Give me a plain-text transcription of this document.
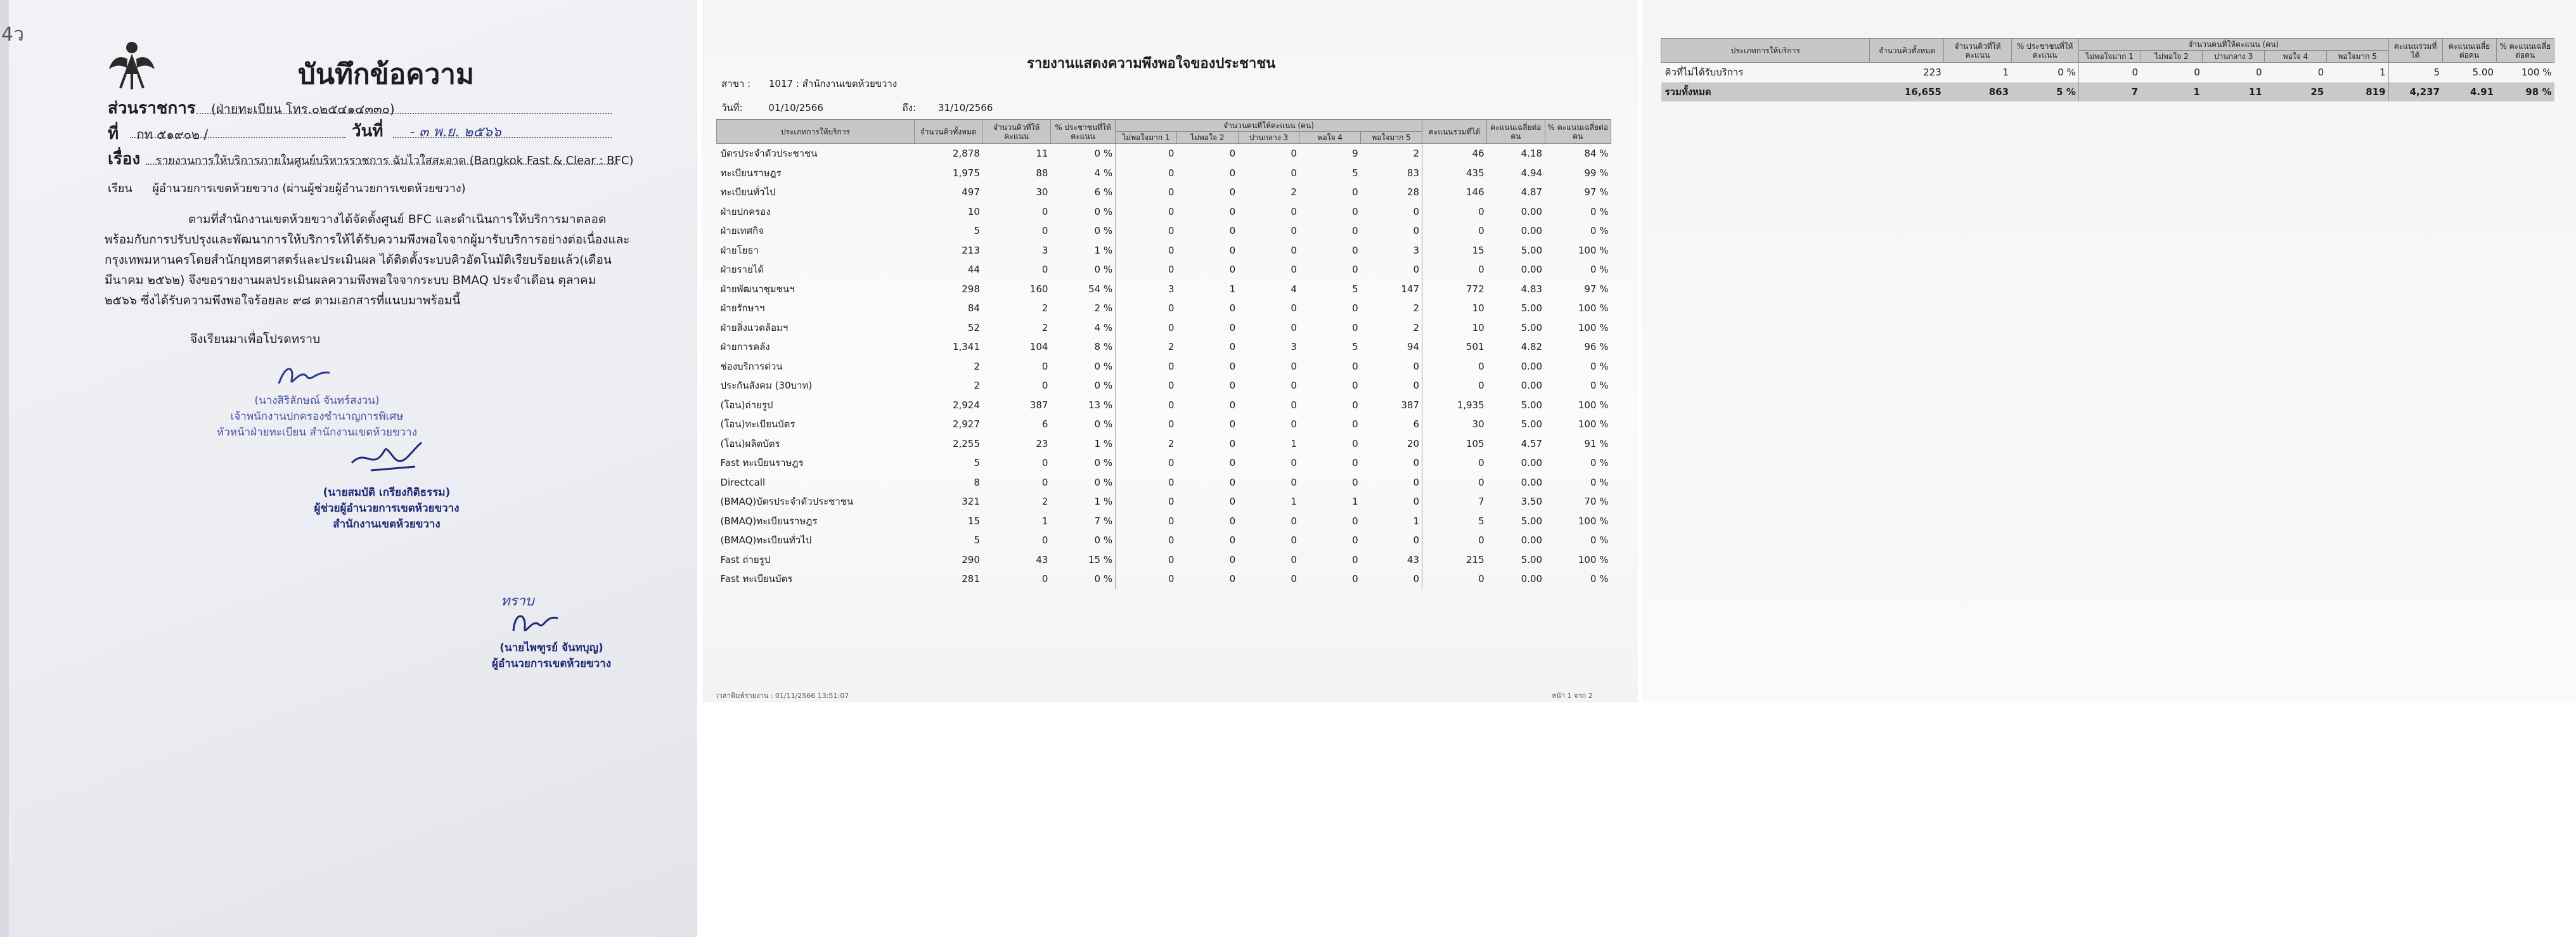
4ว
บันทึกข้อความ
ส่วนราชการ (ฝ่ายทะเบียน โทร.๐๒๕๔๑๔๓๓๐)
ที่ กท ๕๑๙๐๒ /	วันที่ - ๓ พ.ย. ๒๕๖๖
เรื่อง รายงานการให้บริการภายในศูนย์บริหารราชการ ฉับไวใสสะอาด (Bangkok Fast & Clear : BFC)
เรียน ผู้อำนวยการเขตห้วยขวาง (ผ่านผู้ช่วยผู้อำนวยการเขตห้วยขวาง)
ตามที่สำนักงานเขตห้วยขวางได้จัดตั้งศูนย์ BFC และดำเนินการให้บริการมาตลอดพร้อมกับการปรับปรุงและพัฒนาการให้บริการให้ได้รับความพึงพอใจจากผู้มารับบริการอย่างต่อเนื่องและกรุงเทพมหานครโดยสำนักยุทธศาสตร์และประเมินผล ได้ติดตั้งระบบคิวอัตโนมัติเรียบร้อยแล้ว(เดือนมีนาคม ๒๕๖๒) จึงขอรายงานผลประเมินผลความพึงพอใจจากระบบ BMAQ ประจำเดือน ตุลาคม ๒๕๖๖ ซึ่งได้รับความพึงพอใจร้อยละ ๙๘ ตามเอกสารที่แนบมาพร้อมนี้
จึงเรียนมาเพื่อโปรดทราบ
(นางสิริลักษณ์ จันทร์สงวน)
เจ้าพนักงานปกครองชำนาญการพิเศษ
หัวหน้าฝ่ายทะเบียน สำนักงานเขตห้วยขวาง
(นายสมบัติ เกรียงกิติธรรม)
ผู้ช่วยผู้อำนวยการเขตห้วยขวาง
สำนักงานเขตห้วยขวาง
ทราบ
(นายไพฑูรย์ จันทบุญ)
ผู้อำนวยการเขตห้วยขวาง
รายงานแสดงความพึงพอใจของประชาชน
สาขา : 1017 : สำนักงานเขตห้วยขวาง
วันที่:	01/10/2566	ถึง: 31/10/2566
ประเภทการให้บริการ	จำนวนคิวทั้งหมด	จำนวนคิวที่ให้คะแนน	% ประชาชนที่ให้คะแนน	จำนวนคนที่ให้คะแนน (คน)					คะแนนรวมที่ได้	คะแนนเฉลี่ยต่อคน	% คะแนนเฉลี่ยต่อคน
				ไม่พอใจมาก 1	ไม่พอใจ 2	ปานกลาง 3	พอใจ 4	พอใจมาก 5			
บัตรประจำตัวประชาชน	2,878	11	0 %	0	0	0	9	2	46	4.18	84 %
ทะเบียนราษฎร	1,975	88	4 %	0	0	0	5	83	435	4.94	99 %
ทะเบียนทั่วไป	497	30	6 %	0	0	2	0	28	146	4.87	97 %
ฝ่ายปกครอง	10	0	0 %	0	0	0	0	0	0	0.00	0 %
ฝ่ายเทศกิจ	5	0	0 %	0	0	0	0	0	0	0.00	0 %
ฝ่ายโยธา	213	3	1 %	0	0	0	0	3	15	5.00	100 %
ฝ่ายรายได้	44	0	0 %	0	0	0	0	0	0	0.00	0 %
ฝ่ายพัฒนาชุมชนฯ	298	160	54 %	3	1	4	5	147	772	4.83	97 %
ฝ่ายรักษาฯ	84	2	2 %	0	0	0	0	2	10	5.00	100 %
ฝ่ายสิ่งแวดล้อมฯ	52	2	4 %	0	0	0	0	2	10	5.00	100 %
ฝ่ายการคลัง	1,341	104	8 %	2	0	3	5	94	501	4.82	96 %
ช่องบริการด่วน	2	0	0 %	0	0	0	0	0	0	0.00	0 %
ประกันสังคม (30บาท)	2	0	0 %	0	0	0	0	0	0	0.00	0 %
(โอน)ถ่ายรูป	2,924	387	13 %	0	0	0	0	387	1,935	5.00	100 %
(โอน)ทะเบียนบัตร	2,927	6	0 %	0	0	0	0	6	30	5.00	100 %
(โอน)ผลิตบัตร	2,255	23	1 %	2	0	1	0	20	105	4.57	91 %
Fast ทะเบียนราษฎร	5	0	0 %	0	0	0	0	0	0	0.00	0 %
Directcall	8	0	0 %	0	0	0	0	0	0	0.00	0 %
(BMAQ)บัตรประจำตัวประชาชน	321	2	1 %	0	0	1	1	0	7	3.50	70 %
(BMAQ)ทะเบียนราษฎร	15	1	7 %	0	0	0	0	1	5	5.00	100 %
(BMAQ)ทะเบียนทั่วไป	5	0	0 %	0	0	0	0	0	0	0.00	0 %
Fast ถ่ายรูป	290	43	15 %	0	0	0	0	43	215	5.00	100 %
Fast ทะเบียนบัตร	281	0	0 %	0	0	0	0	0	0	0.00	0 %
เวลาพิมพ์รายงาน : 01/11/2566 13:51:07	หน้า 1 จาก 2
ประเภทการให้บริการ	จำนวนคิวทั้งหมด	จำนวนคิวที่ให้คะแนน	% ประชาชนที่ให้คะแนน	จำนวนคนที่ให้คะแนน (คน)					คะแนนรวมที่ได้	คะแนนเฉลี่ยต่อคน	% คะแนนเฉลี่ยต่อคน
				ไม่พอใจมาก 1	ไม่พอใจ 2	ปานกลาง 3	พอใจ 4	พอใจมาก 5			
คิวที่ไม่ได้รับบริการ	223	1	0 %	0	0	0	0	1	5	5.00	100 %
รวมทั้งหมด	16,655	863	5 %	7	1	11	25	819	4,237	4.91	98 %
